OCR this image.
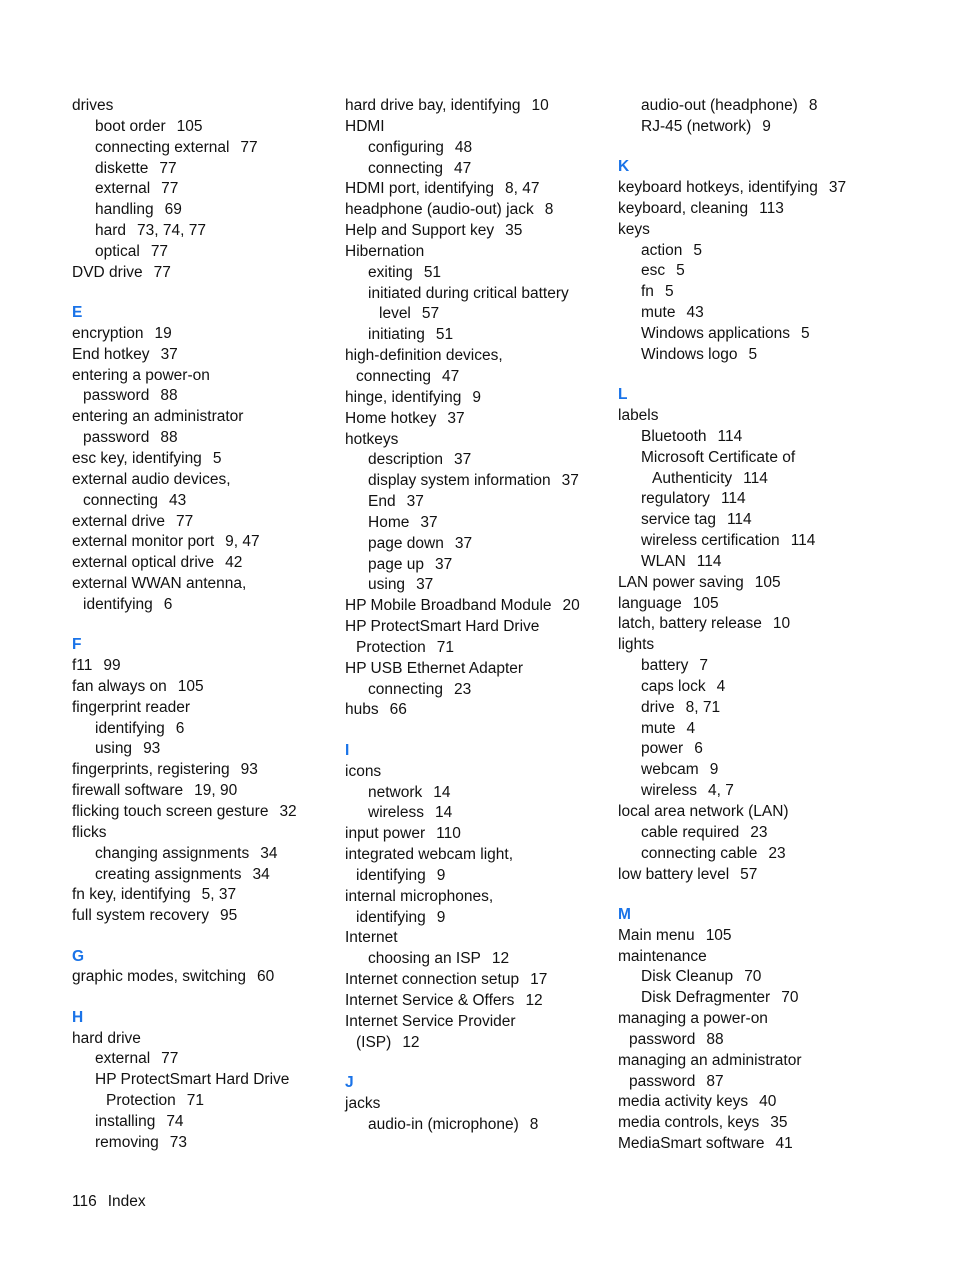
drives
boot order 105
connecting external 77
diskette 77
external 77
handling 69
hard 73, 74, 77
optical 77
DVD drive 77
E
encryption 19
End hotkey 37
entering a power-on
password 88
entering an administrator
password 88
esc key, identifying 5
external audio devices,
connecting 43
external drive 77
external monitor port 9, 47
external optical drive 42
external WWAN antenna,
identifying 6
F
f11 99
fan always on 105
fingerprint reader
identifying 6
using 93
fingerprints, registering 93
firewall software 19, 90
flicking touch screen gesture 32
flicks
changing assignments 34
creating assignments 34
fn key, identifying 5, 37
full system recovery 95
G
graphic modes, switching 60
H
hard drive
external 77
HP ProtectSmart Hard Drive
Protection 71
installing 74
removing 73
hard drive bay, identifying 10
HDMI
configuring 48
connecting 47
HDMI port, identifying 8, 47
headphone (audio-out) jack 8
Help and Support key 35
Hibernation
exiting 51
initiated during critical battery
level 57
initiating 51
high-definition devices,
connecting 47
hinge, identifying 9
Home hotkey 37
hotkeys
description 37
display system information 37
End 37
Home 37
page down 37
page up 37
using 37
HP Mobile Broadband Module 20
HP ProtectSmart Hard Drive
Protection 71
HP USB Ethernet Adapter
connecting 23
hubs 66
I
icons
network 14
wireless 14
input power 110
integrated webcam light,
identifying 9
internal microphones,
identifying 9
Internet
choosing an ISP 12
Internet connection setup 17
Internet Service & Offers 12
Internet Service Provider
(ISP) 12
J
jacks
audio-in (microphone) 8
audio-out (headphone) 8
RJ-45 (network) 9
K
keyboard hotkeys, identifying 37
keyboard, cleaning 113
keys
action 5
esc 5
fn 5
mute 43
Windows applications 5
Windows logo 5
L
labels
Bluetooth 114
Microsoft Certificate of
Authenticity 114
regulatory 114
service tag 114
wireless certification 114
WLAN 114
LAN power saving 105
language 105
latch, battery release 10
lights
battery 7
caps lock 4
drive 8, 71
mute 4
power 6
webcam 9
wireless 4, 7
local area network (LAN)
cable required 23
connecting cable 23
low battery level 57
M
Main menu 105
maintenance
Disk Cleanup 70
Disk Defragmenter 70
managing a power-on
password 88
managing an administrator
password 87
media activity keys 40
media controls, keys 35
MediaSmart software 41
116 Index
